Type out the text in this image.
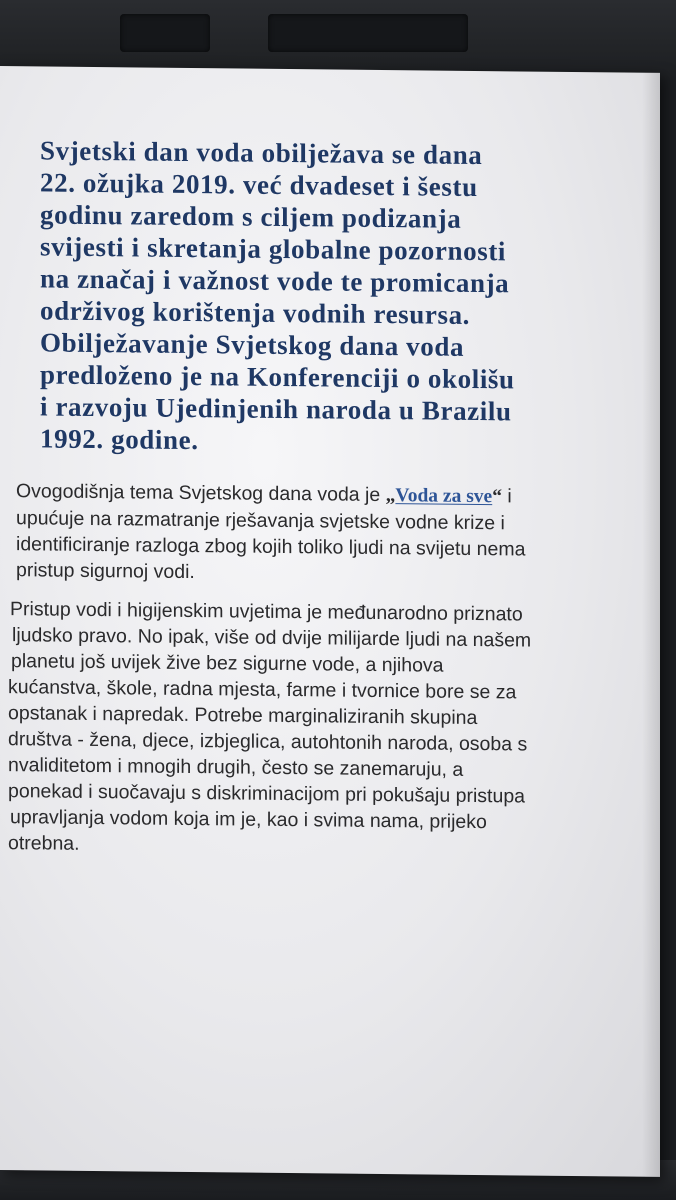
Svjetski dan voda obilježava se dana
22. ožujka 2019. već dvadeset i šestu
godinu zaredom s ciljem podizanja
svijesti i skretanja globalne pozornosti
na značaj i važnost vode te promicanja
održivog korištenja vodnih resursa.
Obilježavanje Svjetskog dana voda
predloženo je na Konferenciji o okolišu
i razvoju Ujedinjenih naroda u Brazilu
1992. godine.

Ovogodišnja tema Svjetskog dana voda je „Voda za sve“ i
upućuje na razmatranje rješavanja svjetske vodne krize i
identificiranje razloga zbog kojih toliko ljudi na svijetu nema
pristup sigurnoj vodi.

Pristup vodi i higijenskim uvjetima je međunarodno priznato
ljudsko pravo. No ipak, više od dvije milijarde ljudi na našem
planetu još uvijek žive bez sigurne vode, a njihova
kućanstva, škole, radna mjesta, farme i tvornice bore se za
opstanak i napredak. Potrebe marginaliziranih skupina
društva - žena, djece, izbjeglica, autohtonih naroda, osoba s
nvaliditetom i mnogih drugih, često se zanemaruju, a
ponekad i suočavaju s diskriminacijom pri pokušaju pristupa
upravljanja vodom koja im je, kao i svima nama, prijeko
otrebna.
